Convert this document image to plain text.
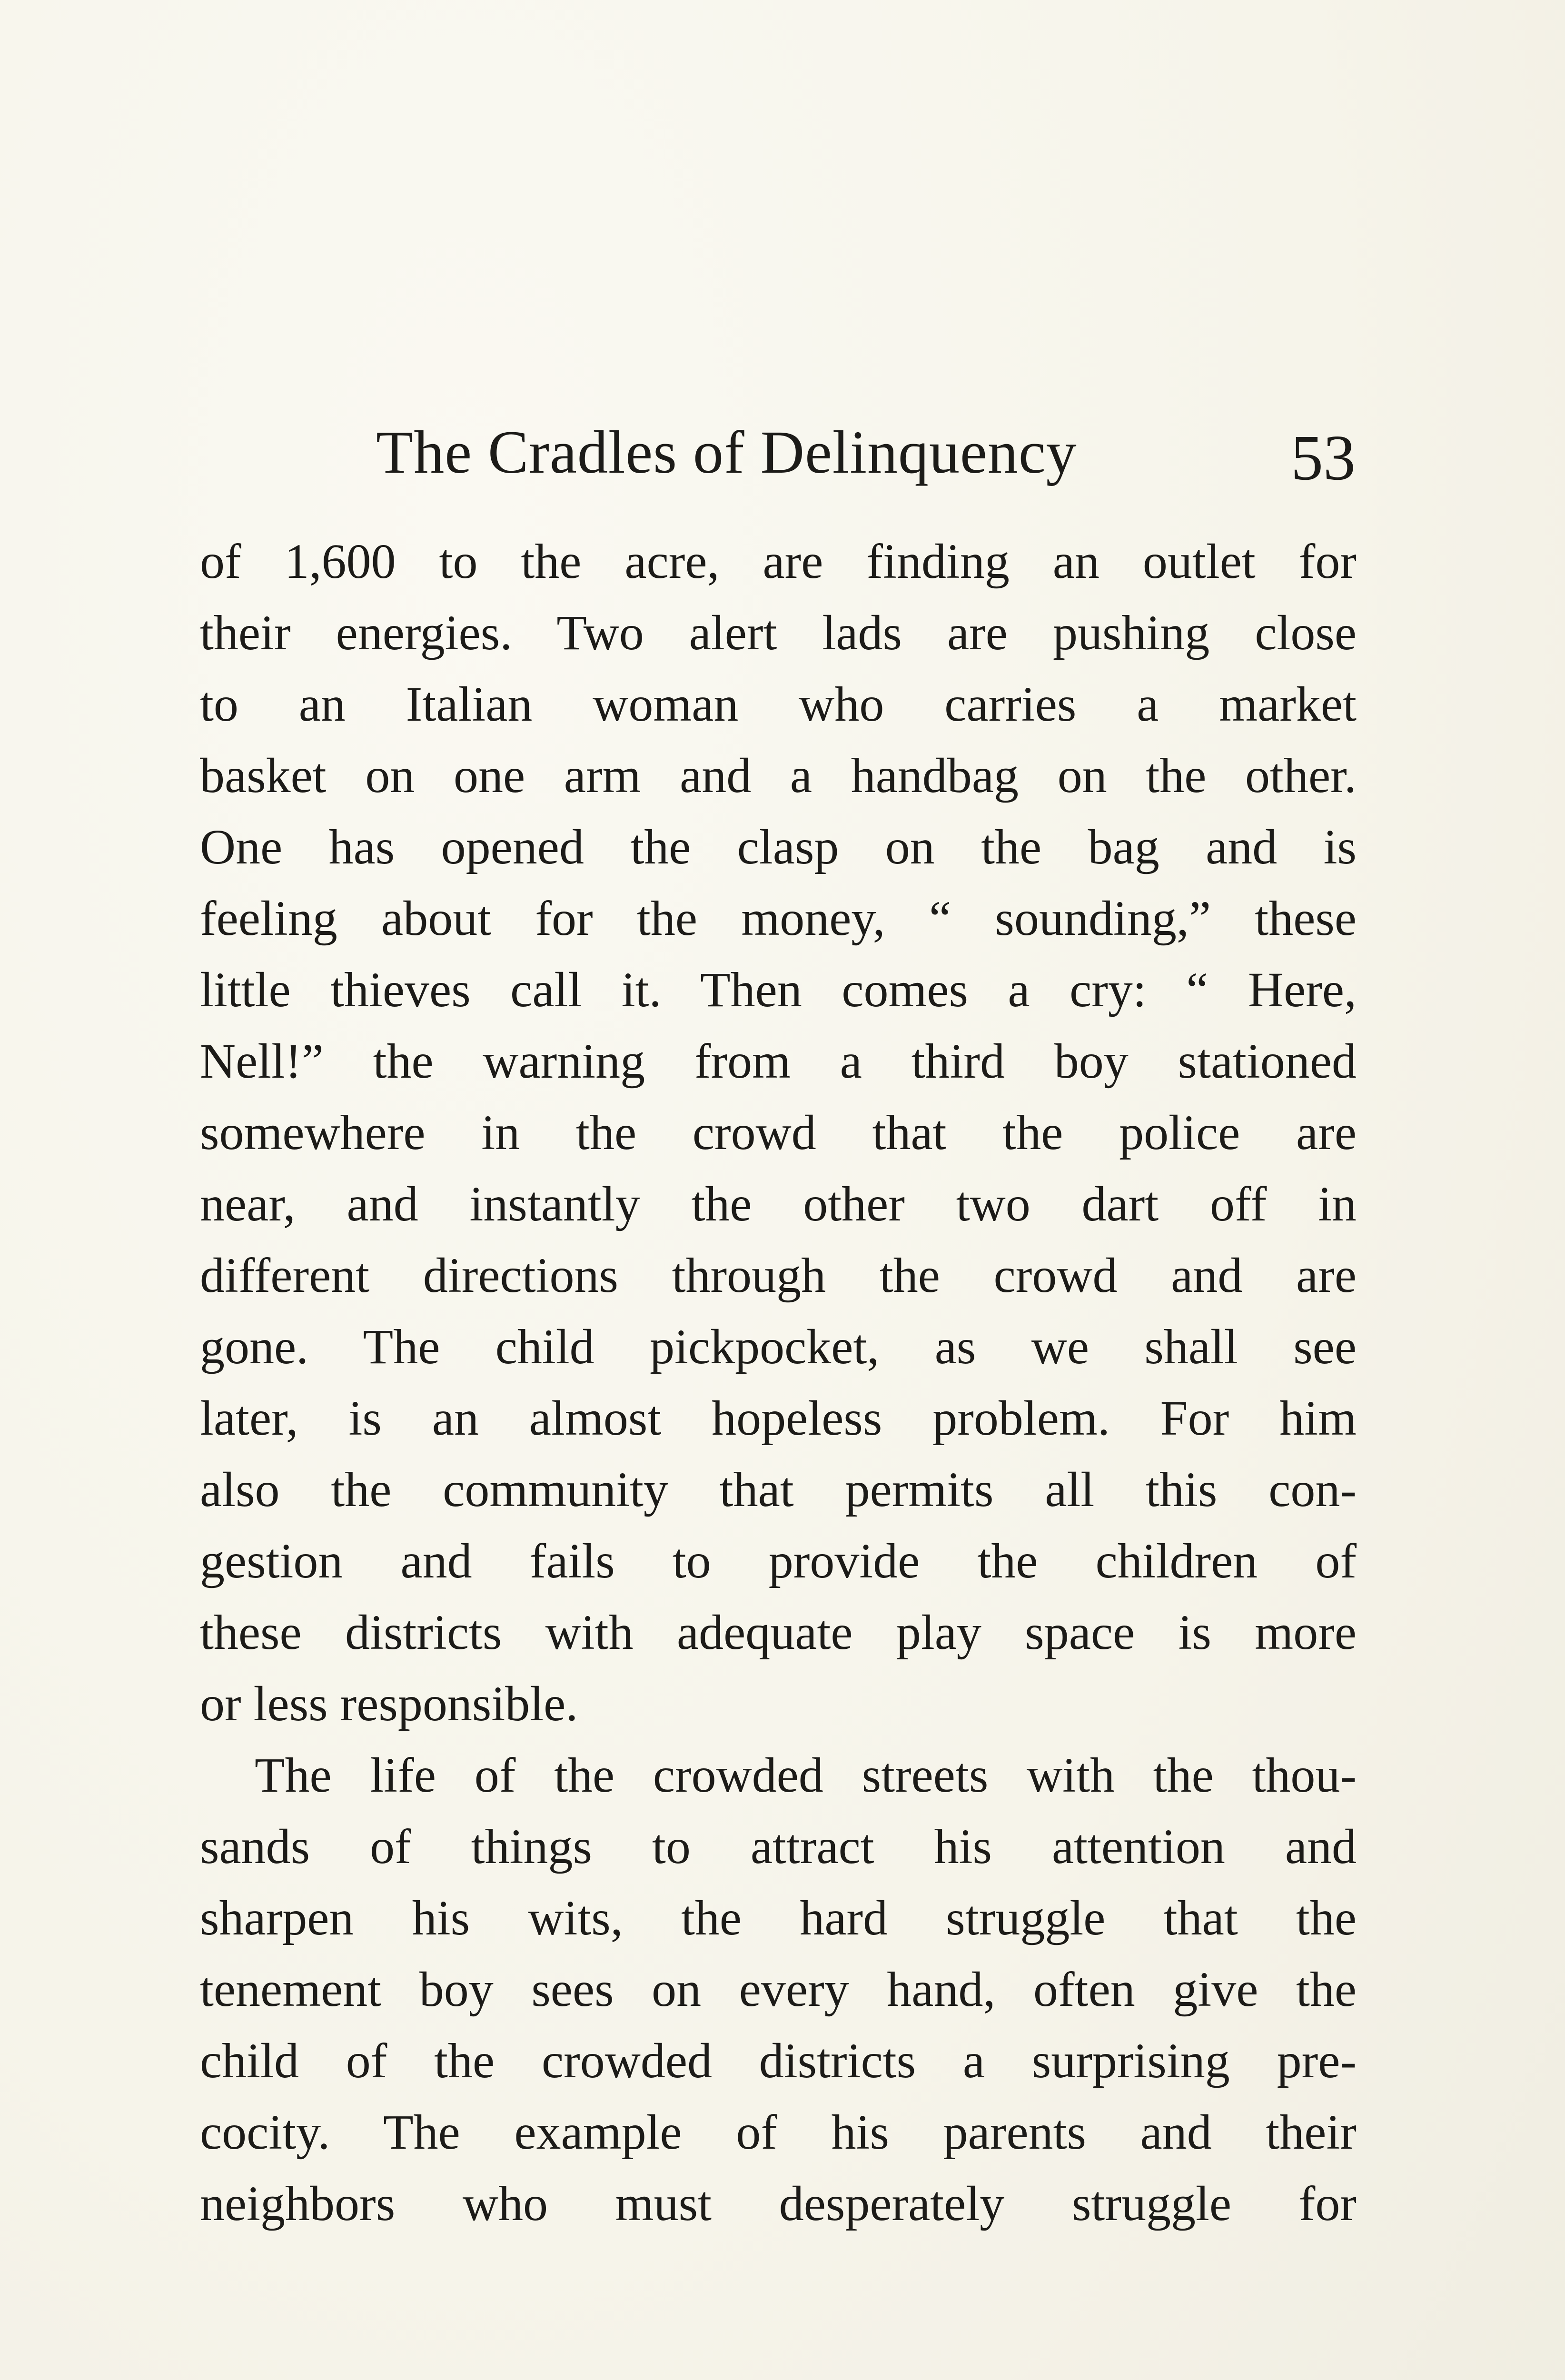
The Cradles of Delinquency	53
of 1,600 to the acre, are finding an outlet for
their energies. Two alert lads are pushing close
to an Italian woman who carries a market
basket on one arm and a handbag on the other.
One has opened the clasp on the bag and is
feeling about for the money, “ sounding,” these
little thieves call it. Then comes a cry: “ Here,
Nell!” the warning from a third boy stationed
somewhere in the crowd that the police are
near, and instantly the other two dart off in
different directions through the crowd and are
gone. The child pickpocket, as we shall see
later, is an almost hopeless problem. For him
also the community that permits all this con-
gestion and fails to provide the children of
these districts with adequate play space is more
or less responsible.
The life of the crowded streets with the thou-
sands of things to attract his attention and
sharpen his wits, the hard struggle that the
tenement boy sees on every hand, often give the
child of the crowded districts a surprising pre-
cocity. The example of his parents and their
neighbors who must desperately struggle for
